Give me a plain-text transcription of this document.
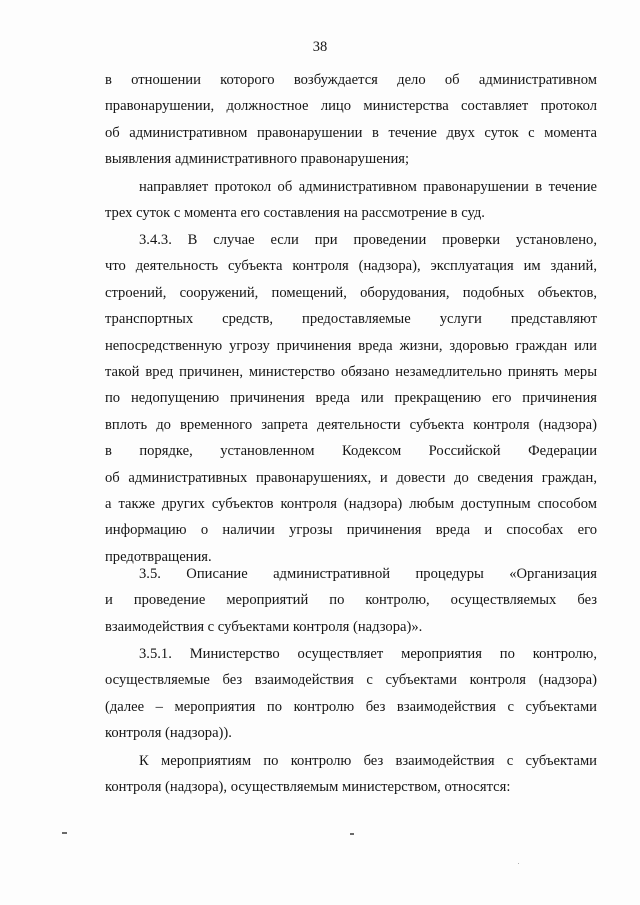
38
в отношении которого возбуждается дело об административном
правонарушении, должностное лицо министерства составляет протокол
об административном правонарушении в течение двух суток с момента
выявления административного правонарушения;
направляет протокол об административном правонарушении в течение
трех суток с момента его составления на рассмотрение в суд.
3.4.3. В случае если при проведении проверки установлено,
что деятельность субъекта контроля (надзора), эксплуатация им зданий,
строений, сооружений, помещений, оборудования, подобных объектов,
транспортных средств, предоставляемые услуги представляют
непосредственную угрозу причинения вреда жизни, здоровью граждан или
такой вред причинен, министерство обязано незамедлительно принять меры
по недопущению причинения вреда или прекращению его причинения
вплоть до временного запрета деятельности субъекта контроля (надзора)
в порядке, установленном Кодексом Российской Федерации
об административных правонарушениях, и довести до сведения граждан,
а также других субъектов контроля (надзора) любым доступным способом
информацию о наличии угрозы причинения вреда и способах его
предотвращения.
3.5. Описание административной процедуры «Организация
и проведение мероприятий по контролю, осуществляемых без
взаимодействия с субъектами контроля (надзора)».
3.5.1. Министерство осуществляет мероприятия по контролю,
осуществляемые без взаимодействия с субъектами контроля (надзора)
(далее – мероприятия по контролю без взаимодействия с субъектами
контроля (надзора)).
К мероприятиям по контролю без взаимодействия с субъектами
контроля (надзора), осуществляемым министерством, относятся:
